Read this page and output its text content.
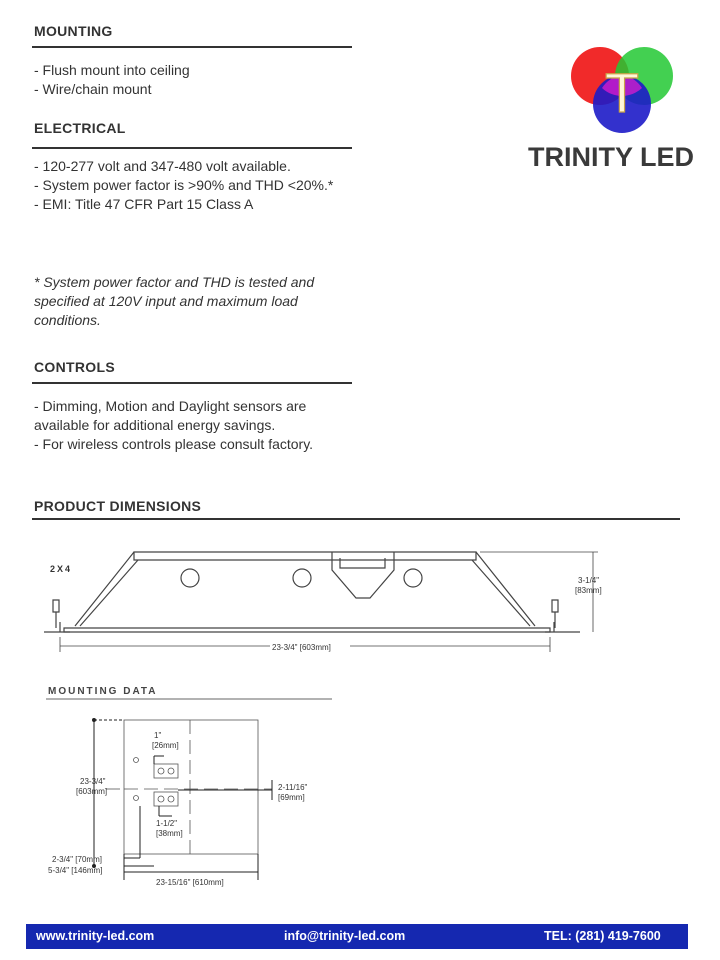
MOUNTING
- Flush mount into ceiling
- Wire/chain mount
ELECTRICAL
- 120-277 volt and 347-480 volt available.
- System power factor is >90% and THD <20%.*
- EMI: Title 47 CFR Part 15 Class A
* System power factor and THD is tested and specified at 120V input and maximum load conditions.
CONTROLS
- Dimming, Motion and Daylight sensors are available for additional energy savings.
- For wireless controls please consult factory.
PRODUCT DIMENSIONS
T
TRINITY LED
2X4
3-1/4"
[83mm]
23-3/4" [603mm]
MOUNTING DATA
23-3/4"
[603mm]
1"
[26mm]
2-11/16"
[69mm]
1-1/2"
[38mm]
2-3/4" [70mm]
5-3/4" [146mm]
23-15/16" [610mm]
www.trinity-led.com	info@trinity-led.com	TEL: (281) 419-7600
